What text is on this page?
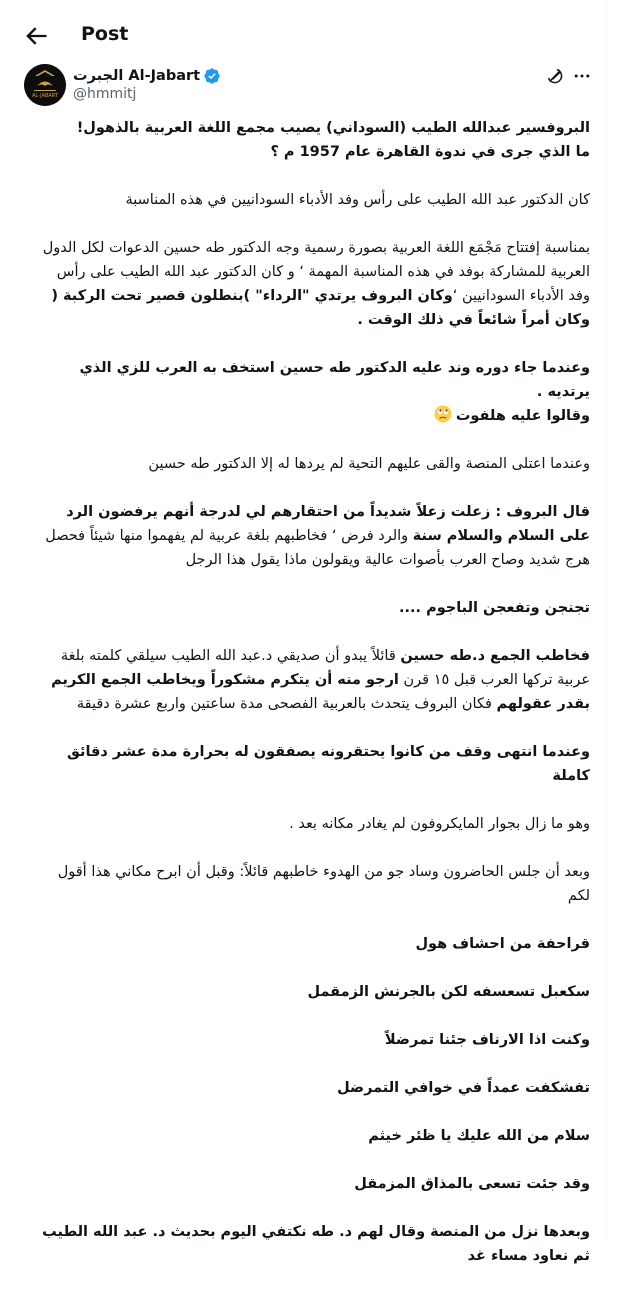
Post
AL-JABART
الجبرت Al-Jabart
@hmmitj

البروفسير عبدالله الطيب (السوداني) يصيب مجمع اللغة العربية بالذهول!
ما الذي جرى في ندوة القاهرة عام 1957 م ؟

كان الدكتور عبد الله الطيب على رأس وفد الأدباء السودانيين في هذه المناسبة

بمناسبة إفتتاح مَجْمَع اللغة العربية بصورة رسمية وجه الدكتور طه حسين الدعوات لكل الدول العربية للمشاركة بوفد في هذه المناسبة المهمة ‘ و كان الدكتور عبد الله الطيب على رأس وفد الأدباء السودانيين ‘وكان البروف يرتدي "الرداء" )بنطلون قصير تحت الركبة ( وكان أمراً شائعاً في ذلك الوقت .

وعندما جاء دوره وند عليه الدكتور طه حسين استخف به العرب للزي الذي يرتديه .
وقالوا عليه هلفوت

وعندما اعتلى المنصة والقى عليهم التحية لم يردها له إلا الدكتور طه حسين

قال البروف : زعلت زعلاً شديداً من احتقارهم لي لدرجة أنهم يرفضون الرد على السلام والسلام سنة والرد فرض ‘ فخاطبهم بلغة عربية لم يفهموا منها شيئاً فحصل هرج شديد وصاح العرب بأصوات عالية ويقولون ماذا يقول هذا الرجل

تجنجن وتفعجن الباجوم ....

فخاطب الجمع د.طه حسين قائلاً يبدو أن صديقي د.عبد الله الطيب سيلقي كلمته بلغة عربية تركها العرب قبل ١٥ قرن ارجو منه أن يتكرم مشكوراً ويخاطب الجمع الكريم بقدر عقولهم فكان البروف يتحدث بالعربية الفصحى مدة ساعتين واربع عشرة دقيقة

وعندما انتهى وقف من كانوا يحتقرونه يصفقون له بحرارة مدة عشر دقائق كاملة

وهو ما زال بجوار المايكروفون لم يغادر مكانه بعد .

وبعد أن جلس الحاضرون وساد جو من الهدوء خاطبهم قائلاً: وقبل أن ابرح مكاني هذا أقول لكم

قراحفة من احشاف هول

سكعبل تسعسفه لكن بالجرنش الزمقمل

وكنت اذا الارناف جئنا تمرضلاً

تفشكفت عمداً في خوافي التمرضل

سلام من الله عليك يا ظئر خيثم

وقد جئت تسعى بالمذاق المزمقل

وبعدها نزل من المنصة وقال لهم د. طه نكتفي اليوم بحديث د. عبد الله الطيب ثم نعاود مساء غد
